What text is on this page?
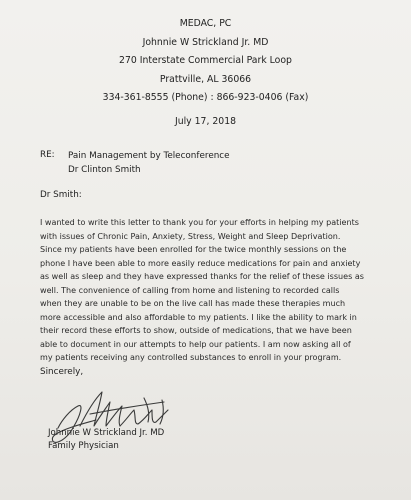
MEDAC, PC
Johnnie W Strickland Jr. MD
270 Interstate Commercial Park Loop
Prattville, AL 36066
334-361-8555 (Phone) : 866-923-0406 (Fax)
July 17, 2018
RE: Pain Management by Teleconference
Dr Clinton Smith
Dr Smith:
I wanted to write this letter to thank you for your efforts in helping my patients
with issues of Chronic Pain, Anxiety, Stress, Weight and Sleep Deprivation.
Since my patients have been enrolled for the twice monthly sessions on the
phone I have been able to more easily reduce medications for pain and anxiety
as well as sleep and they have expressed thanks for the relief of these issues as
well. The convenience of calling from home and listening to recorded calls
when they are unable to be on the live call has made these therapies much
more accessible and also affordable to my patients. I like the ability to mark in
their record these efforts to show, outside of medications, that we have been
able to document in our attempts to help our patients. I am now asking all of
my patients receiving any controlled substances to enroll in your program.
Sincerely,
Johnnie W Strickland Jr. MD
Family Physician
